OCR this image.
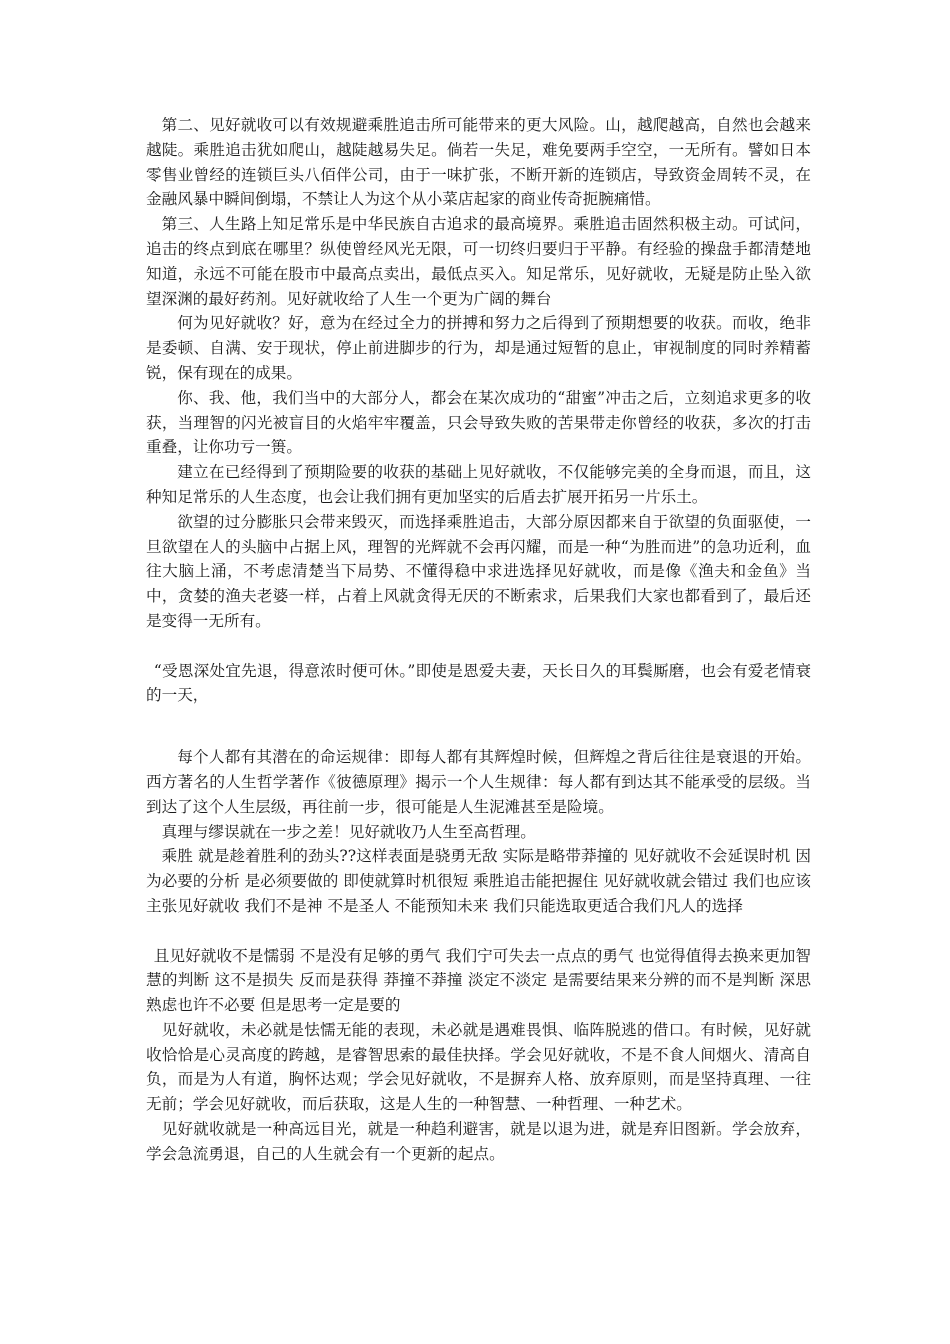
第二、见好就收可以有效规避乘胜追击所可能带来的更大风险。山，越爬越高，自然也会越来越陡。乘胜追击犹如爬山，越陡越易失足。倘若一失足，难免要两手空空，一无所有。譬如日本零售业曾经的连锁巨头八佰伴公司，由于一味扩张，不断开新的连锁店，导致资金周转不灵，在金融风暴中瞬间倒塌，不禁让人为这个从小菜店起家的商业传奇扼腕痛惜。

第三、人生路上知足常乐是中华民族自古追求的最高境界。乘胜追击固然积极主动。可试问，追击的终点到底在哪里？纵使曾经风光无限，可一切终归要归于平静。有经验的操盘手都清楚地知道，永远不可能在股市中最高点卖出，最低点买入。知足常乐，见好就收，无疑是防止坠入欲望深渊的最好药剂。见好就收给了人生一个更为广阔的舞台

何为见好就收？好，意为在经过全力的拼搏和努力之后得到了预期想要的收获。而收，绝非是委顿、自满、安于现状，停止前进脚步的行为，却是通过短暂的息止，审视制度的同时养精蓄锐，保有现在的成果。

你、我、他，我们当中的大部分人，都会在某次成功的“甜蜜”冲击之后，立刻追求更多的收获，当理智的闪光被盲目的火焰牢牢覆盖，只会导致失败的苦果带走你曾经的收获，多次的打击重叠，让你功亏一篑。

建立在已经得到了预期险要的收获的基础上见好就收，不仅能够完美的全身而退，而且，这种知足常乐的人生态度，也会让我们拥有更加坚实的后盾去扩展开拓另一片乐土。

欲望的过分膨胀只会带来毁灭，而选择乘胜追击，大部分原因都来自于欲望的负面驱使，一旦欲望在人的头脑中占据上风，理智的光辉就不会再闪耀，而是一种“为胜而进”的急功近利，血往大脑上涌，不考虑清楚当下局势、不懂得稳中求进选择见好就收，而是像《渔夫和金鱼》当中，贪婪的渔夫老婆一样，占着上风就贪得无厌的不断索求，后果我们大家也都看到了，最后还是变得一无所有。

“受恩深处宜先退，得意浓时便可休。”即使是恩爱夫妻，天长日久的耳鬓厮磨，也会有爱老情衰的一天，

每个人都有其潜在的命运规律：即每人都有其辉煌时候，但辉煌之背后往往是衰退的开始。西方著名的人生哲学著作《彼德原理》揭示一个人生规律：每人都有到达其不能承受的层级。当到达了这个人生层级，再往前一步，很可能是人生泥滩甚至是险境。

真理与缪误就在一步之差！见好就收乃人生至高哲理。

乘胜 就是趁着胜利的劲头??这样表面是骁勇无敌 实际是略带莽撞的 见好就收不会延误时机 因为必要的分析 是必须要做的 即使就算时机很短 乘胜追击能把握住 见好就收就会错过 我们也应该主张见好就收 我们不是神 不是圣人 不能预知未来 我们只能选取更适合我们凡人的选择

且见好就收不是懦弱 不是没有足够的勇气 我们宁可失去一点点的勇气 也觉得值得去换来更加智慧的判断 这不是损失 反而是获得 莽撞不莽撞 淡定不淡定 是需要结果来分辨的而不是判断 深思熟虑也许不必要 但是思考一定是要的

见好就收，未必就是怯懦无能的表现，未必就是遇难畏惧、临阵脱逃的借口。有时候，见好就收恰恰是心灵高度的跨越，是睿智思索的最佳抉择。学会见好就收，不是不食人间烟火、清高自负，而是为人有道，胸怀达观；学会见好就收，不是摒弃人格、放弃原则，而是坚持真理、一往无前；学会见好就收，而后获取，这是人生的一种智慧、一种哲理、一种艺术。

见好就收就是一种高远目光，就是一种趋利避害，就是以退为进，就是弃旧图新。学会放弃，学会急流勇退，自己的人生就会有一个更新的起点。
